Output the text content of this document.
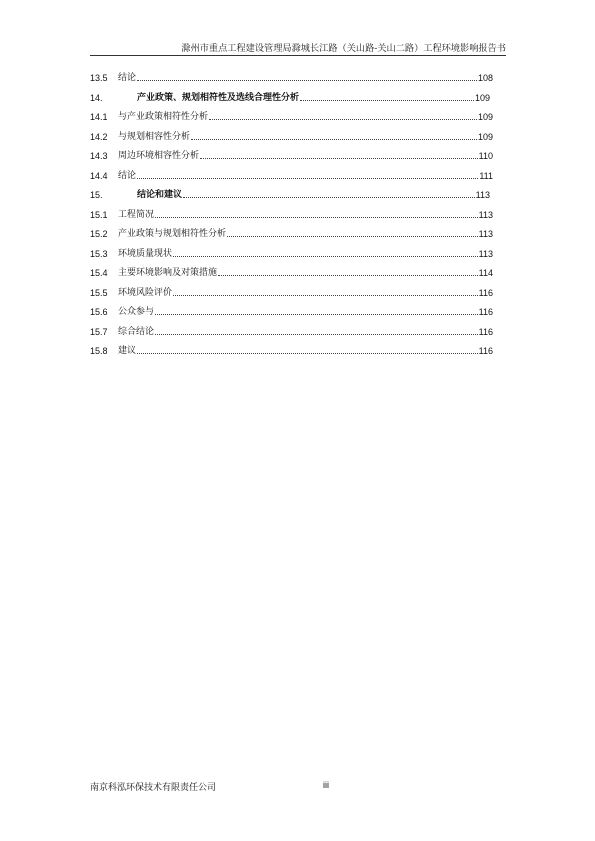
滁州市重点工程建设管理局滁城长江路（关山路-关山二路）工程环境影响报告书
13.5	结论	108
14.	产业政策、规划相符性及选线合理性分析	109
14.1	与产业政策相符性分析	109
14.2	与规划相容性分析	109
14.3	周边环境相容性分析	110
14.4	结论	111
15.	结论和建议	113
15.1	工程简况	113
15.2	产业政策与规划相符性分析	113
15.3	环境质量现状	113
15.4	主要环境影响及对策措施	114
15.5	环境风险评价	116
15.6	公众参与	116
15.7	综合结论	116
15.8	建议	116
南京科泓环保技术有限责任公司	iii
